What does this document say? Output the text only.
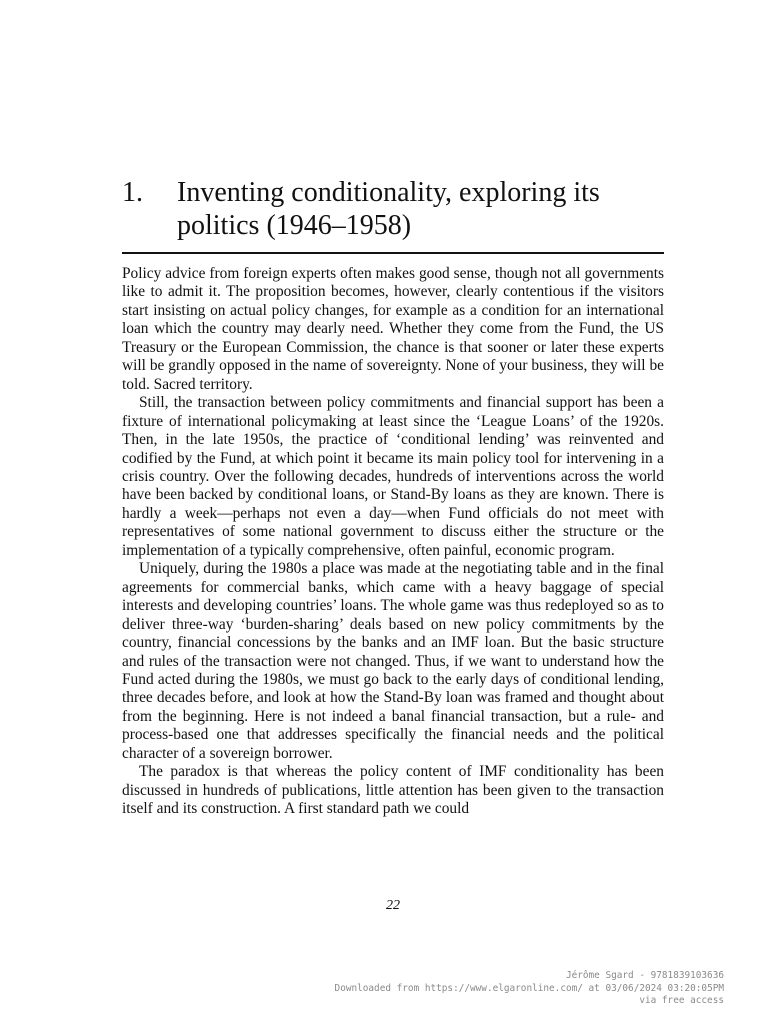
1.	Inventing conditionality, exploring its politics (1946–1958)

Policy advice from foreign experts often makes good sense, though not all governments like to admit it. The proposition becomes, however, clearly contentious if the visitors start insisting on actual policy changes, for example as a condition for an international loan which the country may dearly need. Whether they come from the Fund, the US Treasury or the European Commission, the chance is that sooner or later these experts will be grandly opposed in the name of sovereignty. None of your business, they will be told. Sacred territory.

Still, the transaction between policy commitments and financial support has been a fixture of international policymaking at least since the ‘League Loans’ of the 1920s. Then, in the late 1950s, the practice of ‘conditional lending’ was reinvented and codified by the Fund, at which point it became its main policy tool for intervening in a crisis country. Over the following decades, hundreds of interventions across the world have been backed by conditional loans, or Stand-By loans as they are known. There is hardly a week—perhaps not even a day—when Fund officials do not meet with representatives of some national government to discuss either the structure or the implementation of a typically comprehensive, often painful, economic program.

Uniquely, during the 1980s a place was made at the negotiating table and in the final agreements for commercial banks, which came with a heavy baggage of special interests and developing countries’ loans. The whole game was thus redeployed so as to deliver three-way ‘burden-sharing’ deals based on new policy commitments by the country, financial concessions by the banks and an IMF loan. But the basic structure and rules of the transaction were not changed. Thus, if we want to understand how the Fund acted during the 1980s, we must go back to the early days of conditional lending, three decades before, and look at how the Stand-By loan was framed and thought about from the beginning. Here is not indeed a banal financial transaction, but a rule- and process-based one that addresses specifically the financial needs and the political character of a sovereign borrower.

The paradox is that whereas the policy content of IMF conditionality has been discussed in hundreds of publications, little attention has been given to the transaction itself and its construction. A first standard path we could

22
Jérôme Sgard - 9781839103636
Downloaded from https://www.elgaronline.com/ at 03/06/2024 03:20:05PM
via free access
